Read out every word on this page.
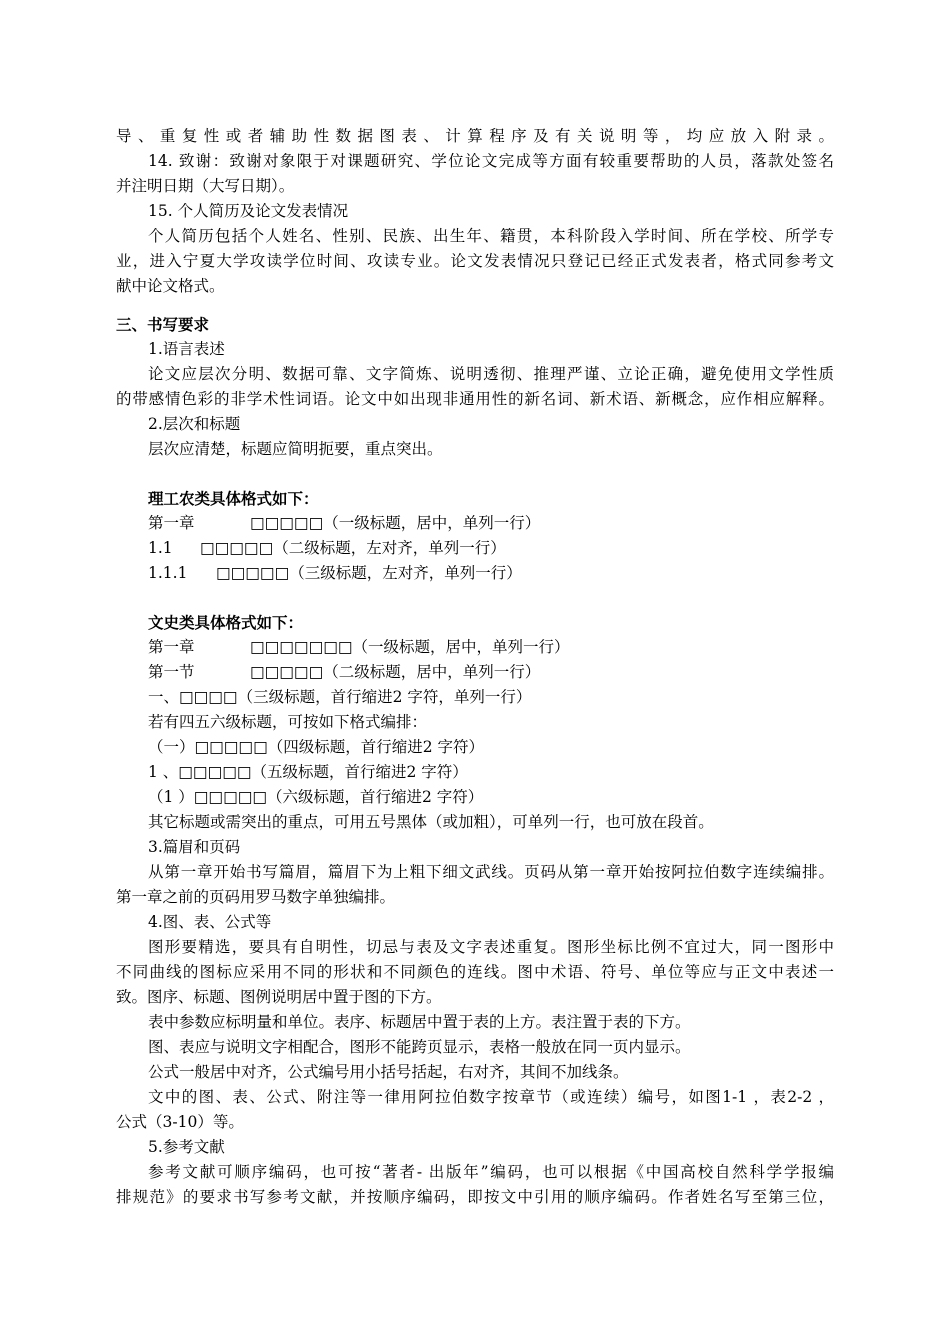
导、重复性或者辅助性数据图表、计算程序及有关说明等，均应放入附录。
14. 致谢：致谢对象限于对课题研究、学位论文完成等方面有较重要帮助的人员，落款处签名
并注明日期（大写日期）。
15. 个人简历及论文发表情况
个人简历包括个人姓名、性别、民族、出生年、籍贯，本科阶段入学时间、所在学校、所学专
业，进入宁夏大学攻读学位时间、攻读专业。论文发表情况只登记已经正式发表者，格式同参考文
献中论文格式。
三、书写要求
1.语言表述
论文应层次分明、数据可靠、文字简炼、说明透彻、推理严谨、立论正确，避免使用文学性质
的带感情色彩的非学术性词语。论文中如出现非通用性的新名词、新术语、新概念，应作相应解释。
2.层次和标题
层次应清楚，标题应简明扼要，重点突出。
理工农类具体格式如下：
第一章	□□□□□（一级标题，居中，单列一行）
1.1 □□□□□（二级标题，左对齐，单列一行）
1.1.1 □□□□□（三级标题，左对齐，单列一行）
文史类具体格式如下：
第一章	□□□□□□□（一级标题，居中，单列一行）
第一节	□□□□□（二级标题，居中，单列一行）
一、□□□□（三级标题，首行缩进2 字符，单列一行）
若有四五六级标题，可按如下格式编排：
（一）□□□□□（四级标题，首行缩进2 字符）
1 、□□□□□（五级标题，首行缩进2 字符）
（1 ）□□□□□（六级标题，首行缩进2 字符）
其它标题或需突出的重点，可用五号黑体（或加粗），可单列一行，也可放在段首。
3.篇眉和页码
从第一章开始书写篇眉，篇眉下为上粗下细文武线。页码从第一章开始按阿拉伯数字连续编排。
第一章之前的页码用罗马数字单独编排。
4.图、表、公式等
图形要精选，要具有自明性，切忌与表及文字表述重复。图形坐标比例不宜过大，同一图形中
不同曲线的图标应采用不同的形状和不同颜色的连线。图中术语、符号、单位等应与正文中表述一
致。图序、标题、图例说明居中置于图的下方。
表中参数应标明量和单位。表序、标题居中置于表的上方。表注置于表的下方。
图、表应与说明文字相配合，图形不能跨页显示，表格一般放在同一页内显示。
公式一般居中对齐，公式编号用小括号括起，右对齐，其间不加线条。
文中的图、表、公式、附注等一律用阿拉伯数字按章节（或连续）编号，如图1-1 ，表2-2 ，
公式（3-10）等。
5.参考文献
参考文献可顺序编码，也可按“著者- 出版年”编码，也可以根据《中国高校自然科学学报编
排规范》的要求书写参考文献，并按顺序编码，即按文中引用的顺序编码。作者姓名写至第三位，
